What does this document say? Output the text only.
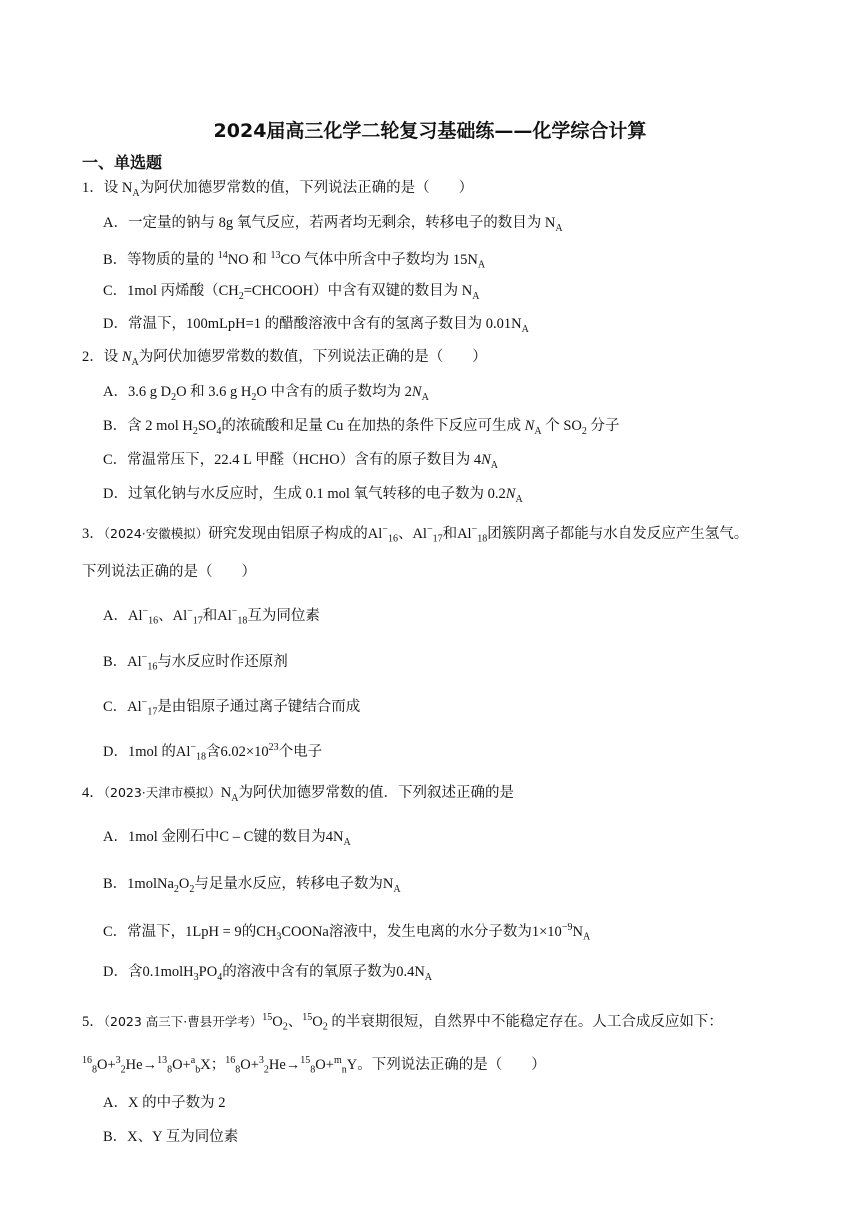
2024届高三化学二轮复习基础练——化学综合计算
一、单选题
1．设 $N_A$为阿伏加德罗常数的值，下列说法正确的是（　　）
A．一定量的钠与 8g 氧气反应，若两者均无剩余，转移电子的数目为 $N_A$
B．等物质的量的 $^{14}$NO 和 $^{13}$CO 气体中所含中子数均为 $15N_A$
C．1mol 丙烯酸$(CH_2=CHCOOH)$中含有双键的数目为 $N_A$
D．常温下，100mLpH=1 的醋酸溶液中含有的氢离子数目为 $0.01N_A$
2．设 $N_A$为阿伏加德罗常数的数值，下列说法正确的是（　　）
A．3.6 g $D_2O$ 和 3.6 g $H_2O$ 中含有的质子数均为 $2N_A$
B．含 2 mol $H_2SO_4$的浓硫酸和足量 Cu 在加热的条件下反应可生成 $N_A$ 个 $SO_2$ 分子
C．常温常压下，22.4 L 甲醛（HCHO）含有的原子数目为 $4N_A$
D．过氧化钠与水反应时，生成 0.1 mol 氧气转移的电子数为 $0.2N_A$
3．（2024·安徽模拟）研究发现由铝原子构成的$Al^-_{16}$、$Al^-_{17}$和$Al^-_{18}$团簇阴离子都能与水自发反应产生氢气。
下列说法正确的是（　　）
A．$Al^-_{16}$、$Al^-_{17}$和$Al^-_{18}$互为同位素
B．$Al^-_{16}$与水反应时作还原剂
C．$Al^-_{17}$是由铝原子通过离子键结合而成
D．1mol 的$Al^-_{18}$含$6.02\times 10^{23}$个电子
4．（2023·天津市模拟）$N_A$为阿伏加德罗常数的值．下列叙述正确的是
A．1mol 金刚石中C – C键的数目为$4N_A$
B．$1molNa_2O_2$与足量水反应，转移电子数为$N_A$
C．常温下，1LpH = 9的$CH_3COONa$溶液中，发生电离的水分子数为$1\times 10^{-9}N_A$
D．含$0.1molH_3PO_4$的溶液中含有的氧原子数为$0.4N_A$
5．（2023 高三下·曹县开学考）$^{15}O_2$、$^{15}O_2$ 的半衰期很短，自然界中不能稳定存在。人工合成反应如下：
$^{16}_8$O+$^3_2$He→$^{13}_8$O+$^a_b$X；$^{16}_8$O+$^3_2$He→$^{15}_8$O+$^m_n$Y。下列说法正确的是（　　）
A．X 的中子数为 2
B．X、Y 互为同位素
